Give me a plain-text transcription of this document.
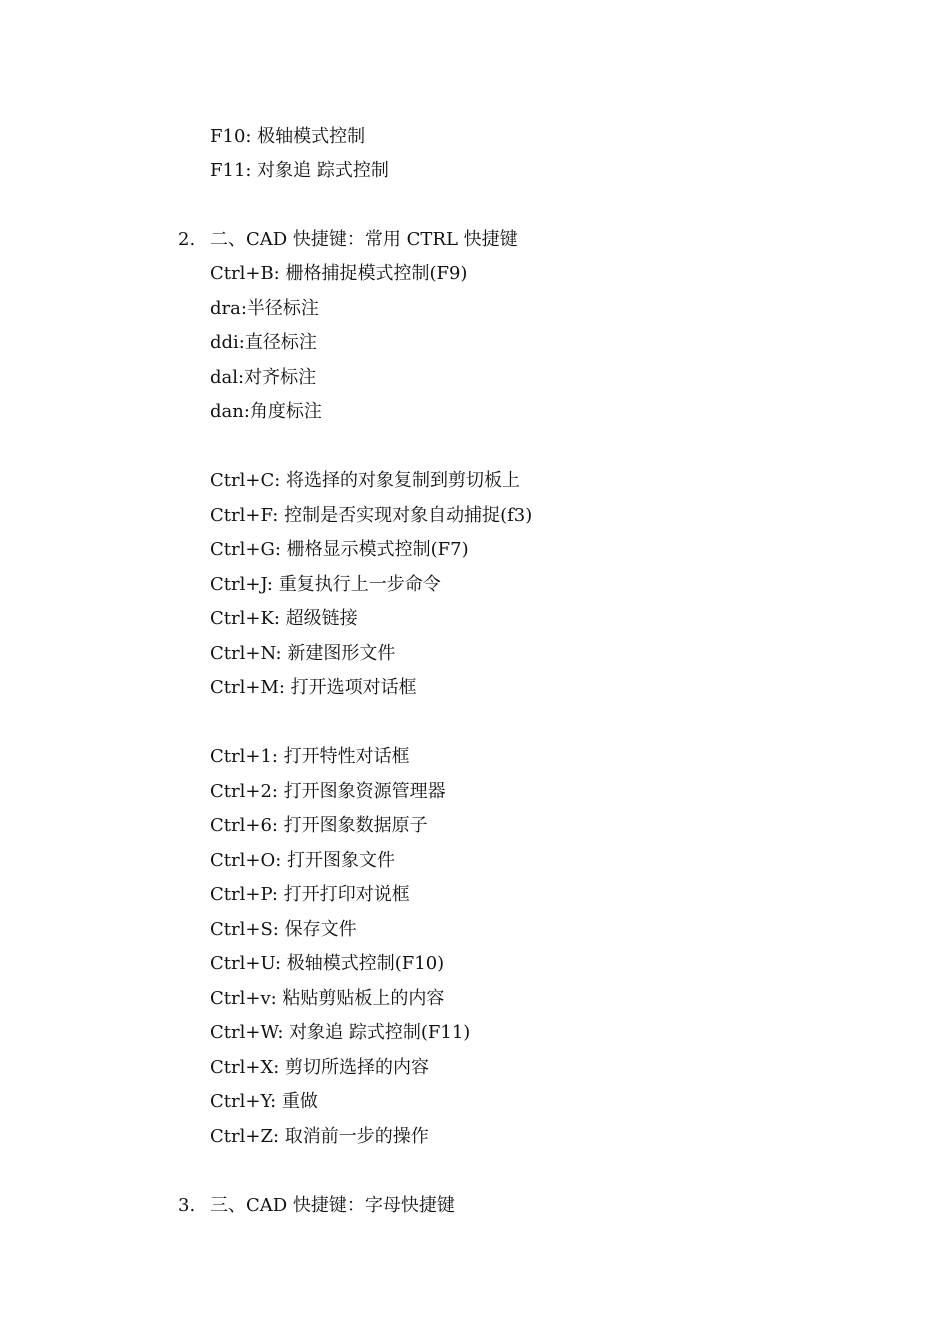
F10: 极轴模式控制
F11: 对象追 踪式控制
2. 二、CAD 快捷键：常用 CTRL 快捷键
Ctrl+B: 栅格捕捉模式控制(F9)
dra:半径标注
ddi:直径标注
dal:对齐标注
dan:角度标注
Ctrl+C: 将选择的对象复制到剪切板上
Ctrl+F: 控制是否实现对象自动捕捉(f3)
Ctrl+G: 栅格显示模式控制(F7)
Ctrl+J: 重复执行上一步命令
Ctrl+K: 超级链接
Ctrl+N: 新建图形文件
Ctrl+M: 打开选项对话框
Ctrl+1: 打开特性对话框
Ctrl+2: 打开图象资源管理器
Ctrl+6: 打开图象数据原子
Ctrl+O: 打开图象文件
Ctrl+P: 打开打印对说框
Ctrl+S: 保存文件
Ctrl+U: 极轴模式控制(F10)
Ctrl+v: 粘贴剪贴板上的内容
Ctrl+W: 对象追 踪式控制(F11)
Ctrl+X: 剪切所选择的内容
Ctrl+Y: 重做
Ctrl+Z: 取消前一步的操作
3. 三、CAD 快捷键：字母快捷键
